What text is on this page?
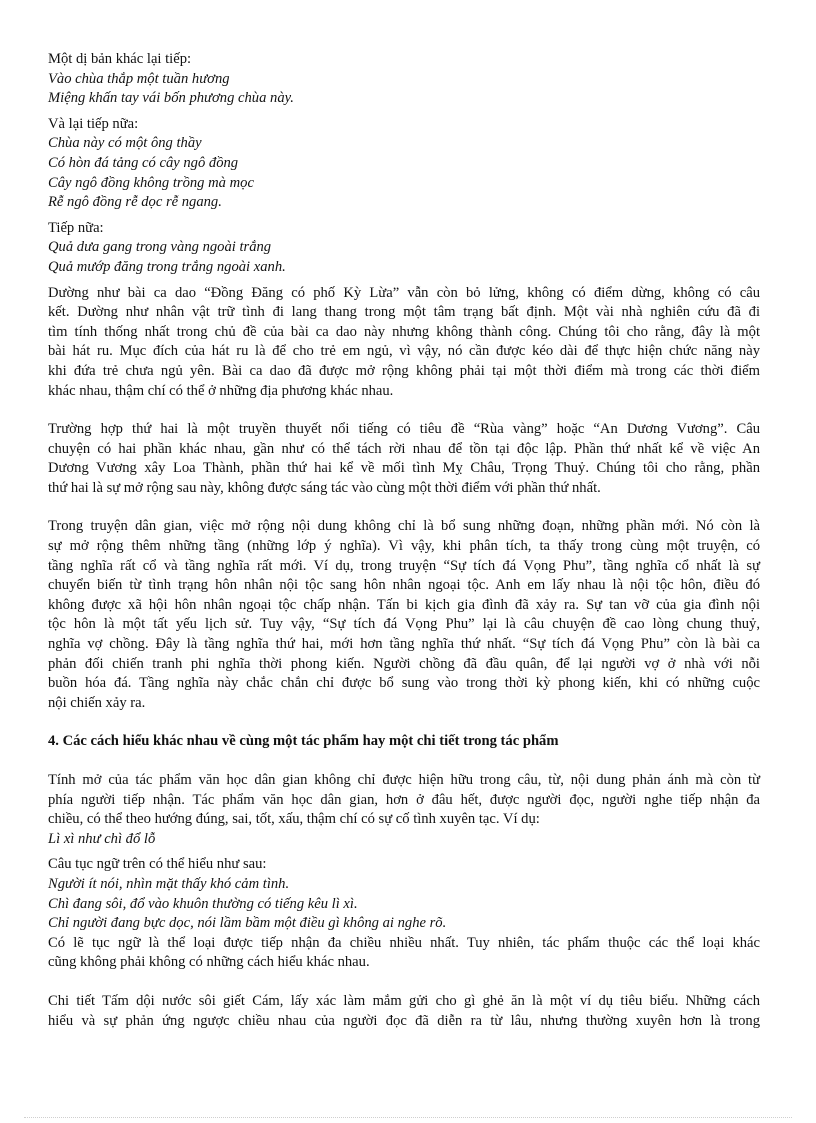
Một dị bản khác lại tiếp:
Vào chùa thắp một tuần hương
Miệng khấn tay vái bốn phương chùa này.
Và lại tiếp nữa:
Chùa này có một ông thầy
Có hòn đá tảng có cây ngô đồng
Cây ngô đồng không trồng mà mọc
Rễ ngô đồng rễ dọc rễ ngang.
Tiếp nữa:
Quả dưa gang trong vàng ngoài trắng
Quả mướp đăng trong trắng ngoài xanh.
Dường như bài ca dao “Đồng Đăng có phố Kỳ Lừa” vẫn còn bỏ lửng, không có điểm dừng, không có câu
kết. Dường như nhân vật trữ tình đi lang thang trong một tâm trạng bất định. Một vài nhà nghiên cứu đã đi
tìm tính thống nhất trong chủ đề của bài ca dao này nhưng không thành công. Chúng tôi cho rằng, đây là một
bài hát ru. Mục đích của hát ru là để cho trẻ em ngủ, vì vậy, nó cần được kéo dài để thực hiện chức năng này
khi đứa trẻ chưa ngủ yên. Bài ca dao đã được mở rộng không phải tại một thời điểm mà trong các thời điểm
khác nhau, thậm chí có thể ở những địa phương khác nhau.
Trường hợp thứ hai là một truyền thuyết nổi tiếng có tiêu đề “Rùa vàng” hoặc “An Dương Vương”. Câu
chuyện có hai phần khác nhau, gần như có thể tách rời nhau để tồn tại độc lập. Phần thứ nhất kể về việc An
Dương Vương xây Loa Thành, phần thứ hai kể về mối tình Mỵ Châu, Trọng Thuỷ. Chúng tôi cho rằng, phần
thứ hai là sự mở rộng sau này, không được sáng tác vào cùng một thời điểm với phần thứ nhất.
Trong truyện dân gian, việc mở rộng nội dung không chỉ là bổ sung những đoạn, những phần mới. Nó còn là
sự mở rộng thêm những tầng (những lớp ý nghĩa). Vì vậy, khi phân tích, ta thấy trong cùng một truyện, có
tầng nghĩa rất cổ và tầng nghĩa rất mới. Ví dụ, trong truyện “Sự tích đá Vọng Phu”, tầng nghĩa cổ nhất là sự
chuyển biến từ tình trạng hôn nhân nội tộc sang hôn nhân ngoại tộc. Anh em lấy nhau là nội tộc hôn, điều đó
không được xã hội hôn nhân ngoại tộc chấp nhận. Tấn bi kịch gia đình đã xảy ra. Sự tan vỡ của gia đình nội
tộc hôn là một tất yếu lịch sử. Tuy vậy, “Sự tích đá Vọng Phu” lại là câu chuyện đề cao lòng chung thuỷ,
nghĩa vợ chồng. Đây là tầng nghĩa thứ hai, mới hơn tầng nghĩa thứ nhất. “Sự tích đá Vọng Phu” còn là bài ca
phản đối chiến tranh phi nghĩa thời phong kiến. Người chồng đã đầu quân, để lại người vợ ở nhà với nỗi
buồn hóa đá. Tầng nghĩa này chắc chắn chỉ được bổ sung vào trong thời kỳ phong kiến, khi có những cuộc
nội chiến xảy ra.
4. Các cách hiểu khác nhau về cùng một tác phẩm hay một chi tiết trong tác phẩm
Tính mở của tác phẩm văn học dân gian không chỉ được hiện hữu trong câu, từ, nội dung phản ánh mà còn từ
phía người tiếp nhận. Tác phẩm văn học dân gian, hơn ở đâu hết, được người đọc, người nghe tiếp nhận đa
chiều, có thể theo hướng đúng, sai, tốt, xấu, thậm chí có sự cố tình xuyên tạc. Ví dụ:
Lì xì như chì đổ lỗ
Câu tục ngữ trên có thể hiểu như sau:
Người ít nói, nhìn mặt thấy khó cảm tình.
Chì đang sôi, đổ vào khuôn thường có tiếng kêu lì xì.
Chỉ người đang bực dọc, nói lầm bầm một điều gì không ai nghe rõ.
Có lẽ tục ngữ là thể loại được tiếp nhận đa chiều nhiều nhất. Tuy nhiên, tác phẩm thuộc các thể loại khác
cũng không phải không có những cách hiểu khác nhau.
Chi tiết Tấm dội nước sôi giết Cám, lấy xác làm mắm gửi cho gì ghẻ ăn là một ví dụ tiêu biểu. Những cách
hiểu và sự phản ứng ngược chiều nhau của người đọc đã diễn ra từ lâu, nhưng thường xuyên hơn là trong
